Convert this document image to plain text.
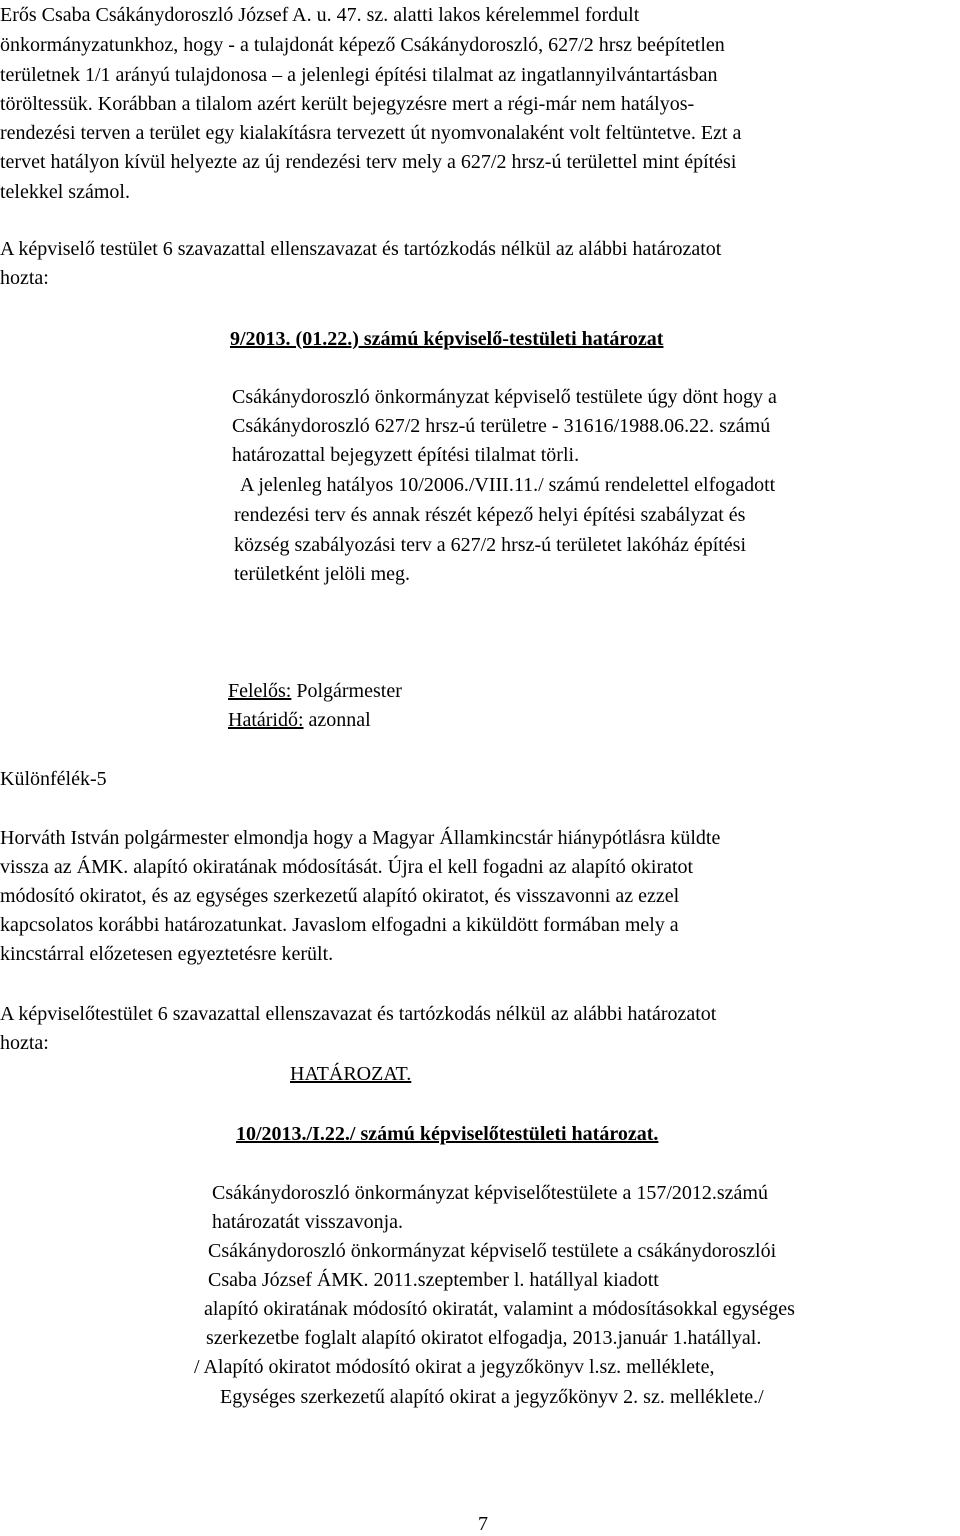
Erős Csaba Csákánydoroszló József A. u. 47. sz. alatti lakos kérelemmel fordult
önkormányzatunkhoz, hogy - a tulajdonát képező Csákánydoroszló, 627/2 hrsz beépítetlen
területnek 1/1 arányú tulajdonosa – a jelenlegi építési tilalmat az ingatlannyilvántartásban
töröltessük. Korábban a tilalom azért került bejegyzésre mert a régi-már nem hatályos-
rendezési terven a terület egy kialakításra tervezett út nyomvonalaként volt feltüntetve. Ezt a
tervet hatályon kívül helyezte az új rendezési terv mely a 627/2 hrsz-ú területtel mint építési
telekkel számol.
A képviselő testület 6 szavazattal ellenszavazat és tartózkodás nélkül az alábbi határozatot
hozta:
9/2013. (01.22.) számú képviselő-testületi határozat
Csákánydoroszló önkormányzat képviselő testülete úgy dönt hogy a
Csákánydoroszló 627/2 hrsz-ú területre - 31616/1988.06.22. számú
határozattal bejegyzett építési tilalmat törli.
A jelenleg hatályos 10/2006./VIII.11./ számú rendelettel elfogadott
rendezési terv és annak részét képező helyi építési szabályzat és
község szabályozási terv a 627/2 hrsz-ú területet lakóház építési
területként jelöli meg.
Felelős: Polgármester
Határidő: azonnal
Különfélék-5
Horváth István polgármester elmondja hogy a Magyar Államkincstár hiánypótlásra küldte
vissza az ÁMK. alapító okiratának módosítását. Újra el kell fogadni az alapító okiratot
módosító okiratot, és az egységes szerkezetű alapító okiratot, és visszavonni az ezzel
kapcsolatos korábbi határozatunkat. Javaslom elfogadni a kiküldött formában mely a
kincstárral előzetesen egyeztetésre került.
A képviselőtestület 6 szavazattal ellenszavazat és tartózkodás nélkül az alábbi határozatot
hozta:
HATÁROZAT.
10/2013./I.22./ számú képviselőtestületi határozat.
Csákánydoroszló önkormányzat képviselőtestülete a 157/2012.számú
határozatát visszavonja.
Csákánydoroszló önkormányzat képviselő testülete a csákánydoroszlói
Csaba József ÁMK. 2011.szeptember l. hatállyal kiadott
alapító okiratának módosító okiratát, valamint a módosításokkal egységes
szerkezetbe foglalt alapító okiratot elfogadja, 2013.január 1.hatállyal.
/ Alapító okiratot módosító okirat a jegyzőkönyv l.sz. melléklete,
Egységes szerkezetű alapító okirat a jegyzőkönyv 2. sz. melléklete./
7
